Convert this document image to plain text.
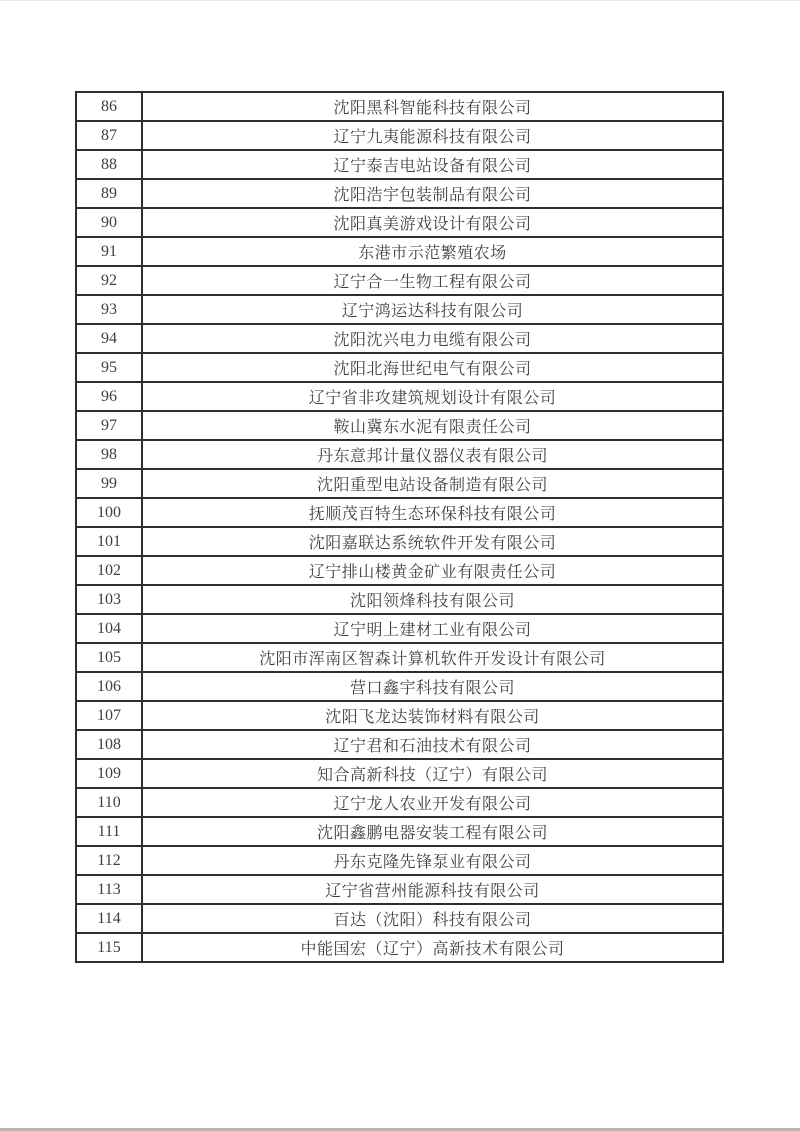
86	沈阳黑科智能科技有限公司
87	辽宁九夷能源科技有限公司
88	辽宁泰吉电站设备有限公司
89	沈阳浩宇包装制品有限公司
90	沈阳真美游戏设计有限公司
91	东港市示范繁殖农场
92	辽宁合一生物工程有限公司
93	辽宁鸿运达科技有限公司
94	沈阳沈兴电力电缆有限公司
95	沈阳北海世纪电气有限公司
96	辽宁省非攻建筑规划设计有限公司
97	鞍山冀东水泥有限责任公司
98	丹东意邦计量仪器仪表有限公司
99	沈阳重型电站设备制造有限公司
100	抚顺茂百特生态环保科技有限公司
101	沈阳嘉联达系统软件开发有限公司
102	辽宁排山楼黄金矿业有限责任公司
103	沈阳领烽科技有限公司
104	辽宁明上建材工业有限公司
105	沈阳市浑南区智森计算机软件开发设计有限公司
106	营口鑫宇科技有限公司
107	沈阳飞龙达装饰材料有限公司
108	辽宁君和石油技术有限公司
109	知合高新科技（辽宁）有限公司
110	辽宁龙人农业开发有限公司
111	沈阳鑫鹏电器安装工程有限公司
112	丹东克隆先锋泵业有限公司
113	辽宁省营州能源科技有限公司
114	百达（沈阳）科技有限公司
115	中能国宏（辽宁）高新技术有限公司
